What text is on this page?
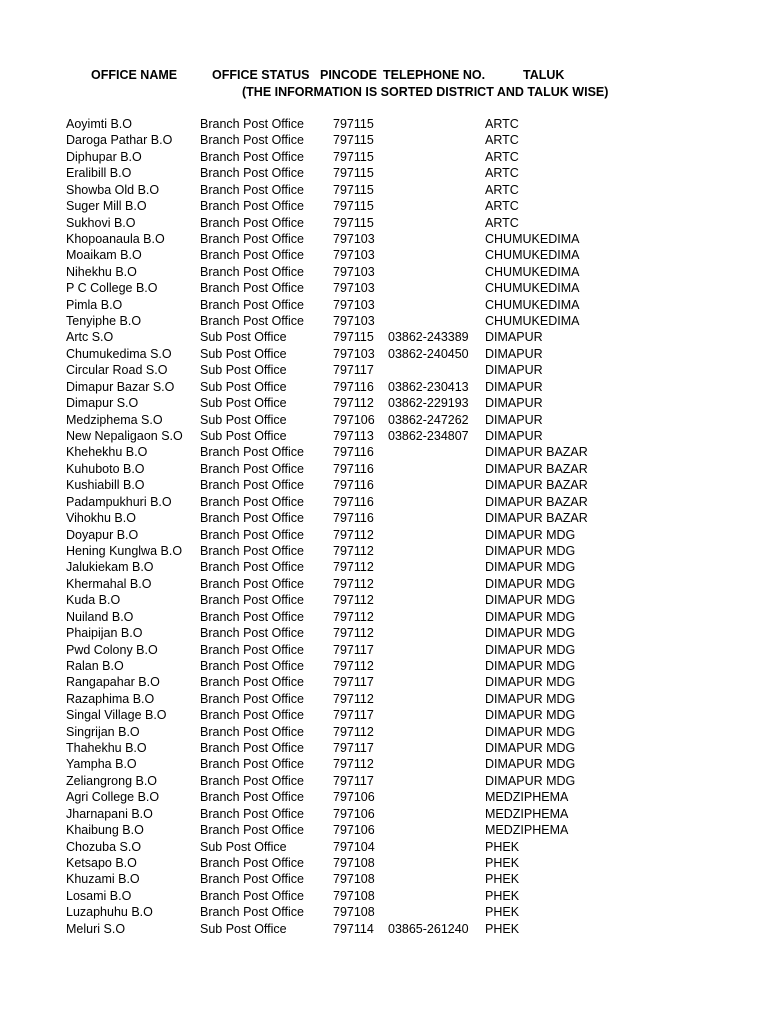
OFFICE NAME	OFFICE STATUS PINCODE TELEPHONE NO.	TALUK
(THE INFORMATION IS SORTED DISTRICT AND TALUK WISE)
Aoyimti B.O	Branch Post Office 797115	ARTC
Daroga Pathar B.O Branch Post Office 797115	ARTC
Diphupar B.O	Branch Post Office 797115	ARTC
Eralibill B.O	Branch Post Office 797115	ARTC
Showba Old B.O	Branch Post Office 797115	ARTC
Suger Mill B.O	Branch Post Office 797115	ARTC
Sukhovi B.O	Branch Post Office 797115	ARTC
Khopoanaula B.O	Branch Post Office 797103	CHUMUKEDIMA
Moaikam B.O	Branch Post Office 797103	CHUMUKEDIMA
Nihekhu B.O	Branch Post Office 797103	CHUMUKEDIMA
P C College B.O	Branch Post Office 797103	CHUMUKEDIMA
Pimla B.O	Branch Post Office 797103	CHUMUKEDIMA
Tenyiphe B.O	Branch Post Office 797103	CHUMUKEDIMA
Artc S.O	Sub Post Office	797115 03862-243389 DIMAPUR
Chumukedima S.O Sub Post Office	797103 03862-240450 DIMAPUR
Circular Road S.O	Sub Post Office	797117	DIMAPUR
Dimapur Bazar S.O Sub Post Office	797116 03862-230413 DIMAPUR
Dimapur S.O	Sub Post Office	797112 03862-229193 DIMAPUR
Medziphema S.O	Sub Post Office	797106 03862-247262 DIMAPUR
New Nepaligaon S.O Sub Post Office	797113 03862-234807 DIMAPUR
Khehekhu B.O	Branch Post Office 797116	DIMAPUR BAZAR
Kuhuboto B.O	Branch Post Office 797116	DIMAPUR BAZAR
Kushiabill B.O	Branch Post Office 797116	DIMAPUR BAZAR
Padampukhuri B.O Branch Post Office 797116	DIMAPUR BAZAR
Vihokhu B.O	Branch Post Office 797116	DIMAPUR BAZAR
Doyapur B.O	Branch Post Office 797112	DIMAPUR MDG
Hening Kunglwa B.O Branch Post Office 797112	DIMAPUR MDG
Jalukiekam B.O	Branch Post Office 797112	DIMAPUR MDG
Khermahal B.O	Branch Post Office 797112	DIMAPUR MDG
Kuda B.O	Branch Post Office 797112	DIMAPUR MDG
Nuiland B.O	Branch Post Office 797112	DIMAPUR MDG
Phaipijan B.O	Branch Post Office 797112	DIMAPUR MDG
Pwd Colony B.O	Branch Post Office 797117	DIMAPUR MDG
Ralan B.O	Branch Post Office 797112	DIMAPUR MDG
Rangapahar B.O	Branch Post Office 797117	DIMAPUR MDG
Razaphima B.O	Branch Post Office 797112	DIMAPUR MDG
Singal Village B.O	Branch Post Office 797117	DIMAPUR MDG
Singrijan B.O	Branch Post Office 797112	DIMAPUR MDG
Thahekhu B.O	Branch Post Office 797117	DIMAPUR MDG
Yampha B.O	Branch Post Office 797112	DIMAPUR MDG
Zeliangrong B.O	Branch Post Office 797117	DIMAPUR MDG
Agri College B.O	Branch Post Office 797106	MEDZIPHEMA
Jharnapani B.O	Branch Post Office 797106	MEDZIPHEMA
Khaibung B.O	Branch Post Office 797106	MEDZIPHEMA
Chozuba S.O	Sub Post Office	797104	PHEK
Ketsapo B.O	Branch Post Office 797108	PHEK
Khuzami B.O	Branch Post Office 797108	PHEK
Losami B.O	Branch Post Office 797108	PHEK
Luzaphuhu B.O	Branch Post Office 797108	PHEK
Meluri S.O	Sub Post Office	797114 03865-261240 PHEK
